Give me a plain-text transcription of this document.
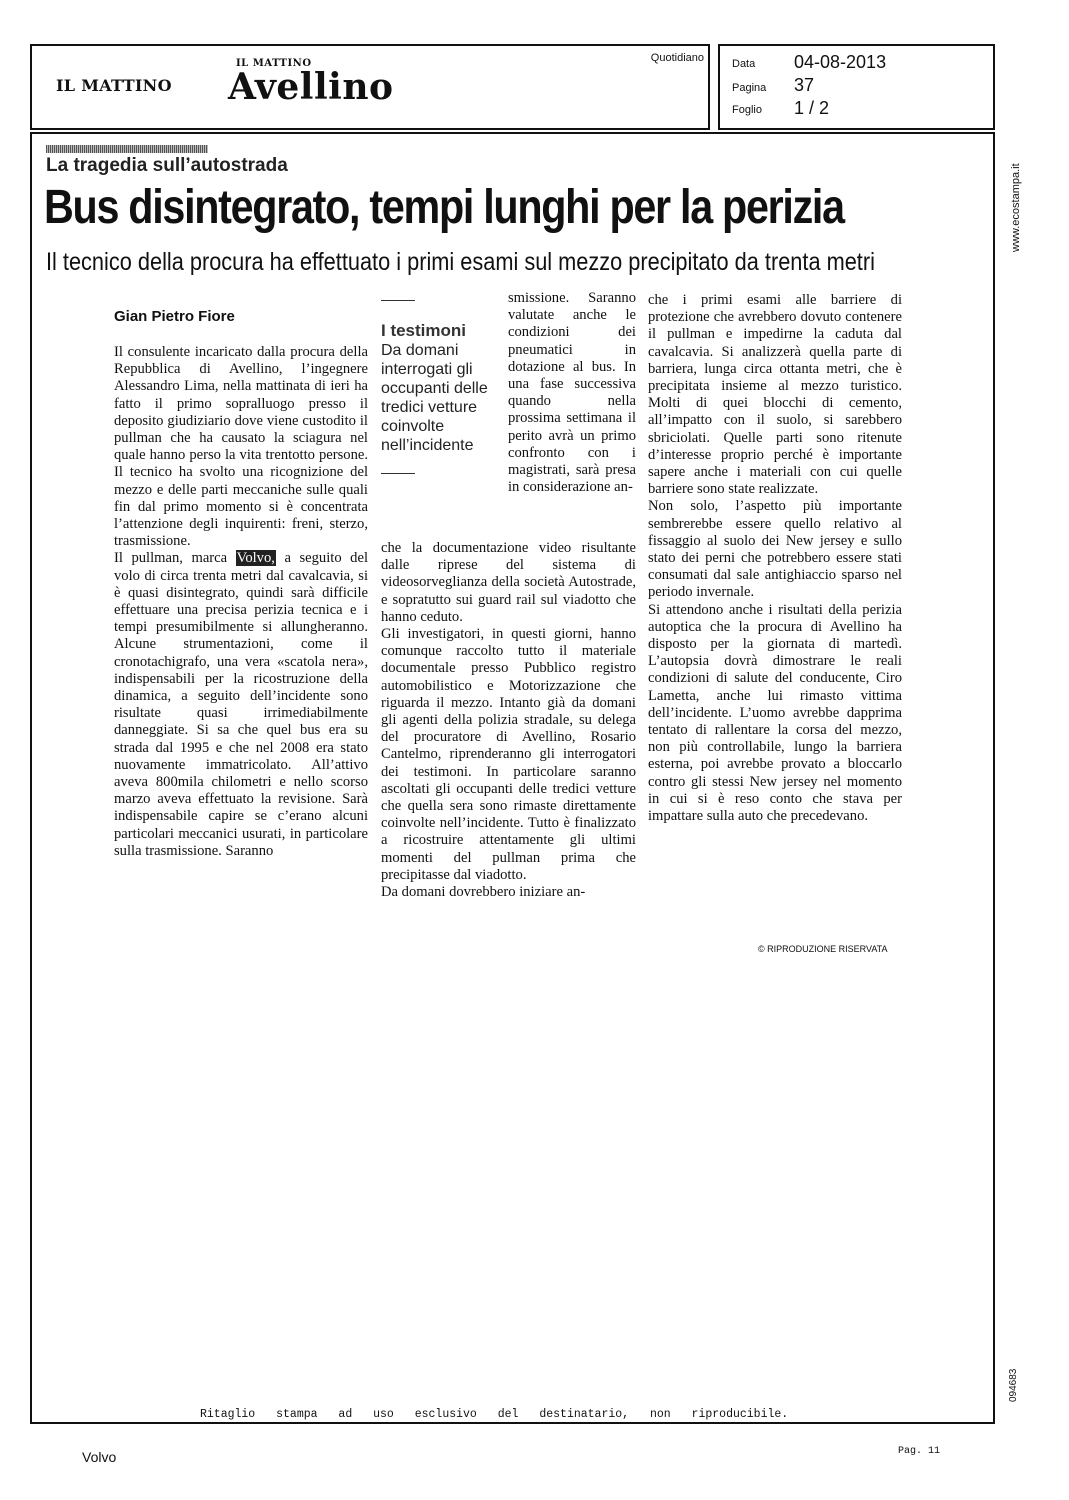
IL MATTINO
IL MATTINO Avellino
Quotidiano	Data 04-08-2013
Pagina 37
Foglio 1 / 2
La tragedia sull’autostrada
Bus disintegrato, tempi lunghi per la perizia
Il tecnico della procura ha effettuato i primi esami sul mezzo precipitato da trenta metri
Gian Pietro Fiore

Il consulente incaricato dalla procura della Repubblica di Avellino, l’ingegnere Alessandro Lima, nella mattinata di ieri ha fatto il primo sopralluogo presso il deposito giudiziario dove viene custodito il pullman che ha causato la sciagura nel quale hanno perso la vita trentotto persone. Il tecnico ha svolto una ricognizione del mezzo e delle parti meccaniche sulle quali fin dal primo momento si è concentrata l’attenzione degli inquirenti: freni, sterzo, trasmissione.

Il pullman, marca Volvo, a seguito del volo di circa trenta metri dal cavalcavia, si è quasi disintegrato, quindi sarà difficile effettuare una precisa perizia tecnica e i tempi presumibilmente si allungheranno. Alcune strumentazioni, come il cronotachigrafo, una vera «scatola nera», indispensabili per la ricostruzione della dinamica, a seguito dell’incidente sono risultate quasi irrimediabilmente danneggiate. Si sa che quel bus era su strada dal 1995 e che nel 2008 era stato nuovamente immatricolato. All’attivo aveva 800mila chilometri e nello scorso marzo aveva effettuato la revisione. Sarà indispensabile capire se c’erano alcuni particolari meccanici usurati, in particolare sulla trasmissione. Saranno

I testimoni
Da domani interrogati gli occupanti delle tredici vetture coinvolte nell’incidente

smissione. Saranno valutate anche le condizioni dei pneumatici in dotazione al bus. In una fase successiva quando nella prossima settimana il perito avrà un primo confronto con i magistrati, sarà presa in considerazione an-

che la documentazione video risultante dalle riprese del sistema di videosorveglianza della società Autostrade, e sopratutto sui guard rail sul viadotto che hanno ceduto.

Gli investigatori, in questi giorni, hanno comunque raccolto tutto il materiale documentale presso Pubblico registro automobilistico e Motorizzazione che riguarda il mezzo. Intanto già da domani gli agenti della polizia stradale, su delega del procuratore di Avellino, Rosario Cantelmo, riprenderanno gli interrogatori dei testimoni. In particolare saranno ascoltati gli occupanti delle tredici vetture che quella sera sono rimaste direttamente coinvolte nell’incidente. Tutto è finalizzato a ricostruire attentamente gli ultimi momenti del pullman prima che precipitasse dal viadotto.

Da domani dovrebbero iniziare an-

che i primi esami alle barriere di protezione che avrebbero dovuto contenere il pullman e impedirne la caduta dal cavalcavia. Si analizzerà quella parte di barriera, lunga circa ottanta metri, che è precipitata insieme al mezzo turistico. Molti di quei blocchi di cemento, all’impatto con il suolo, si sarebbero sbriciolati. Quelle parti sono ritenute d’interesse proprio perché è importante sapere anche i materiali con cui quelle barriere sono state realizzate.

Non solo, l’aspetto più importante sembrerebbe essere quello relativo al fissaggio al suolo dei New jersey e sullo stato dei perni che potrebbero essere stati consumati dal sale antighiaccio sparso nel periodo invernale.

Si attendono anche i risultati della perizia autoptica che la procura di Avellino ha disposto per la giornata di martedì. L’autopsia dovrà dimostrare le reali condizioni di salute del conducente, Ciro Lametta, anche lui rimasto vittima dell’incidente. L’uomo avrebbe dapprima tentato di rallentare la corsa del mezzo, non più controllabile, lungo la barriera esterna, poi avrebbe provato a bloccarlo contro gli stessi New jersey nel momento in cui si è reso conto che stava per impattare sulla auto che precedevano.

© RIPRODUZIONE RISERVATA
www.ecostampa.it
094683
Ritaglio stampa ad uso esclusivo del destinatario, non riproducibile.
Volvo	Pag. 11
